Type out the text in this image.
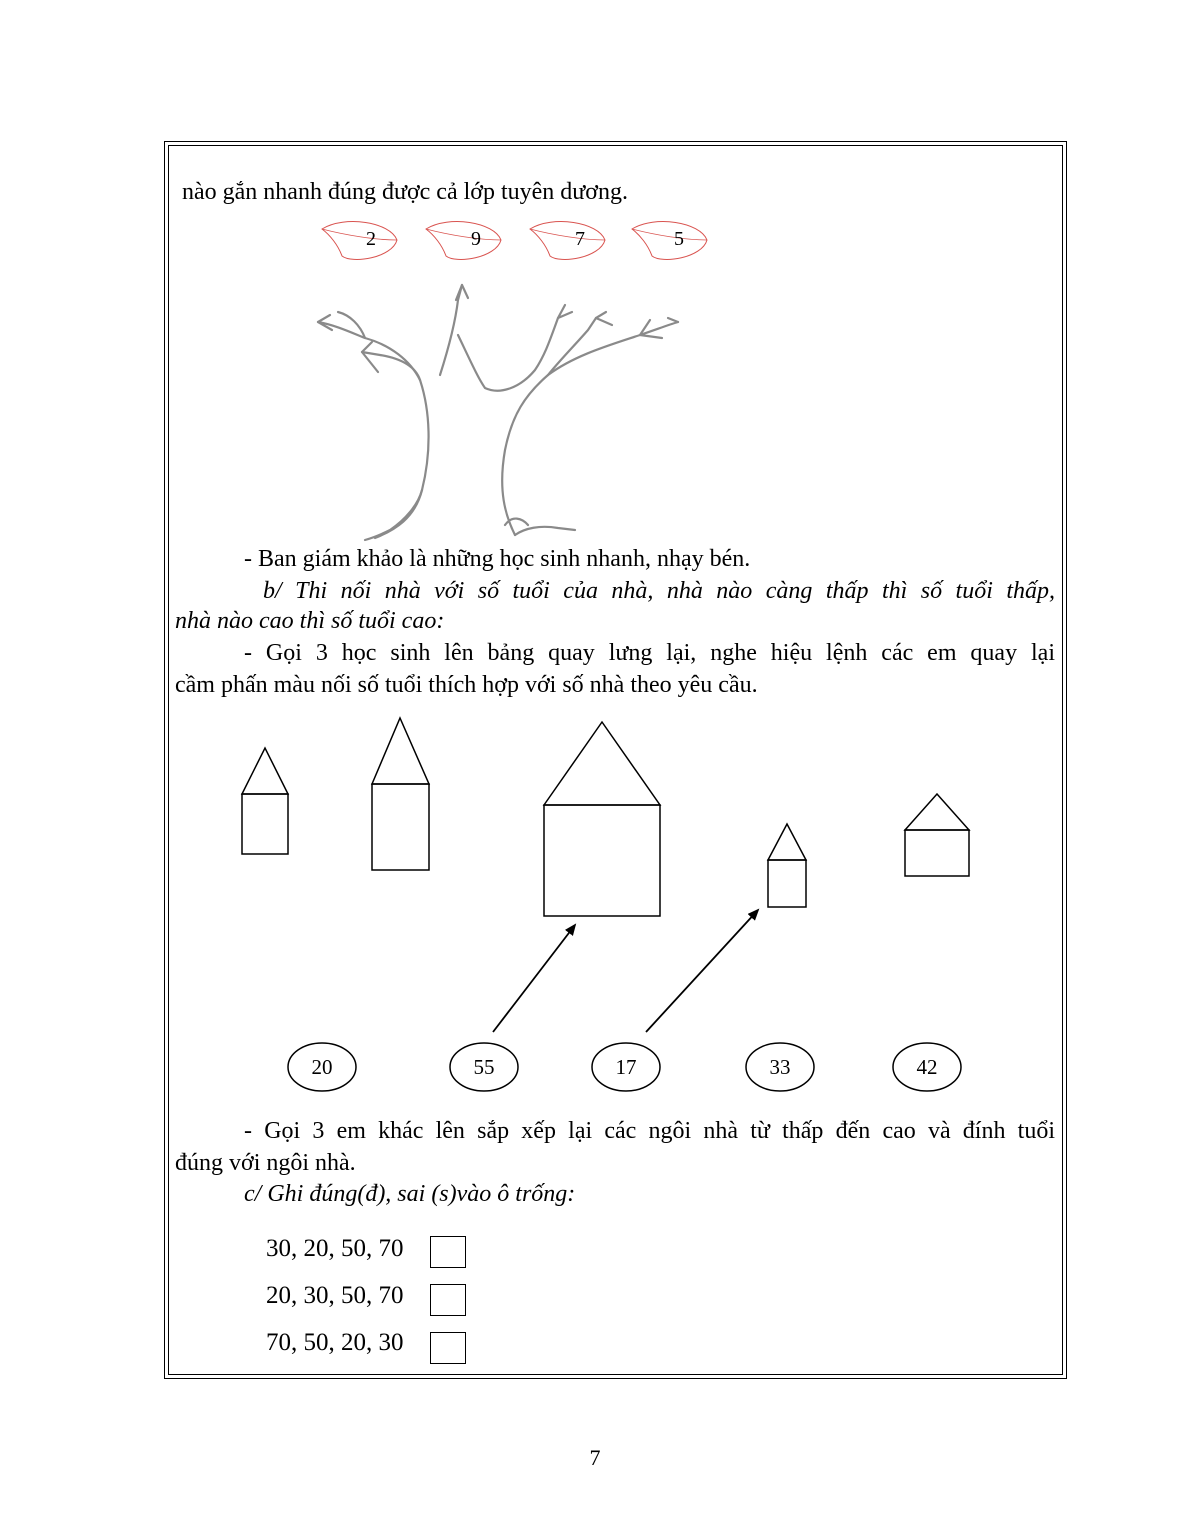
nào gắn nhanh đúng được cả lớp tuyên dương.
2	9	7	5
- Ban giám khảo là những học sinh nhanh, nhạy bén.
b/ Thi nối nhà với số tuổi của nhà, nhà nào càng thấp thì số tuổi thấp,
nhà nào cao thì số tuổi cao:
- Gọi 3 học sinh lên bảng quay lưng lại, nghe hiệu lệnh các em quay lại
cầm phấn màu nối số tuổi thích hợp với số nhà theo yêu cầu.
20	55	17	33	42
- Gọi 3 em khác lên sắp xếp lại các ngôi nhà từ thấp đến cao và đính tuổi
đúng với ngôi nhà.
c/ Ghi đúng(đ), sai (s)vào ô trống:
30, 20, 50, 70
20, 30, 50, 70
70, 50, 20, 30
7
